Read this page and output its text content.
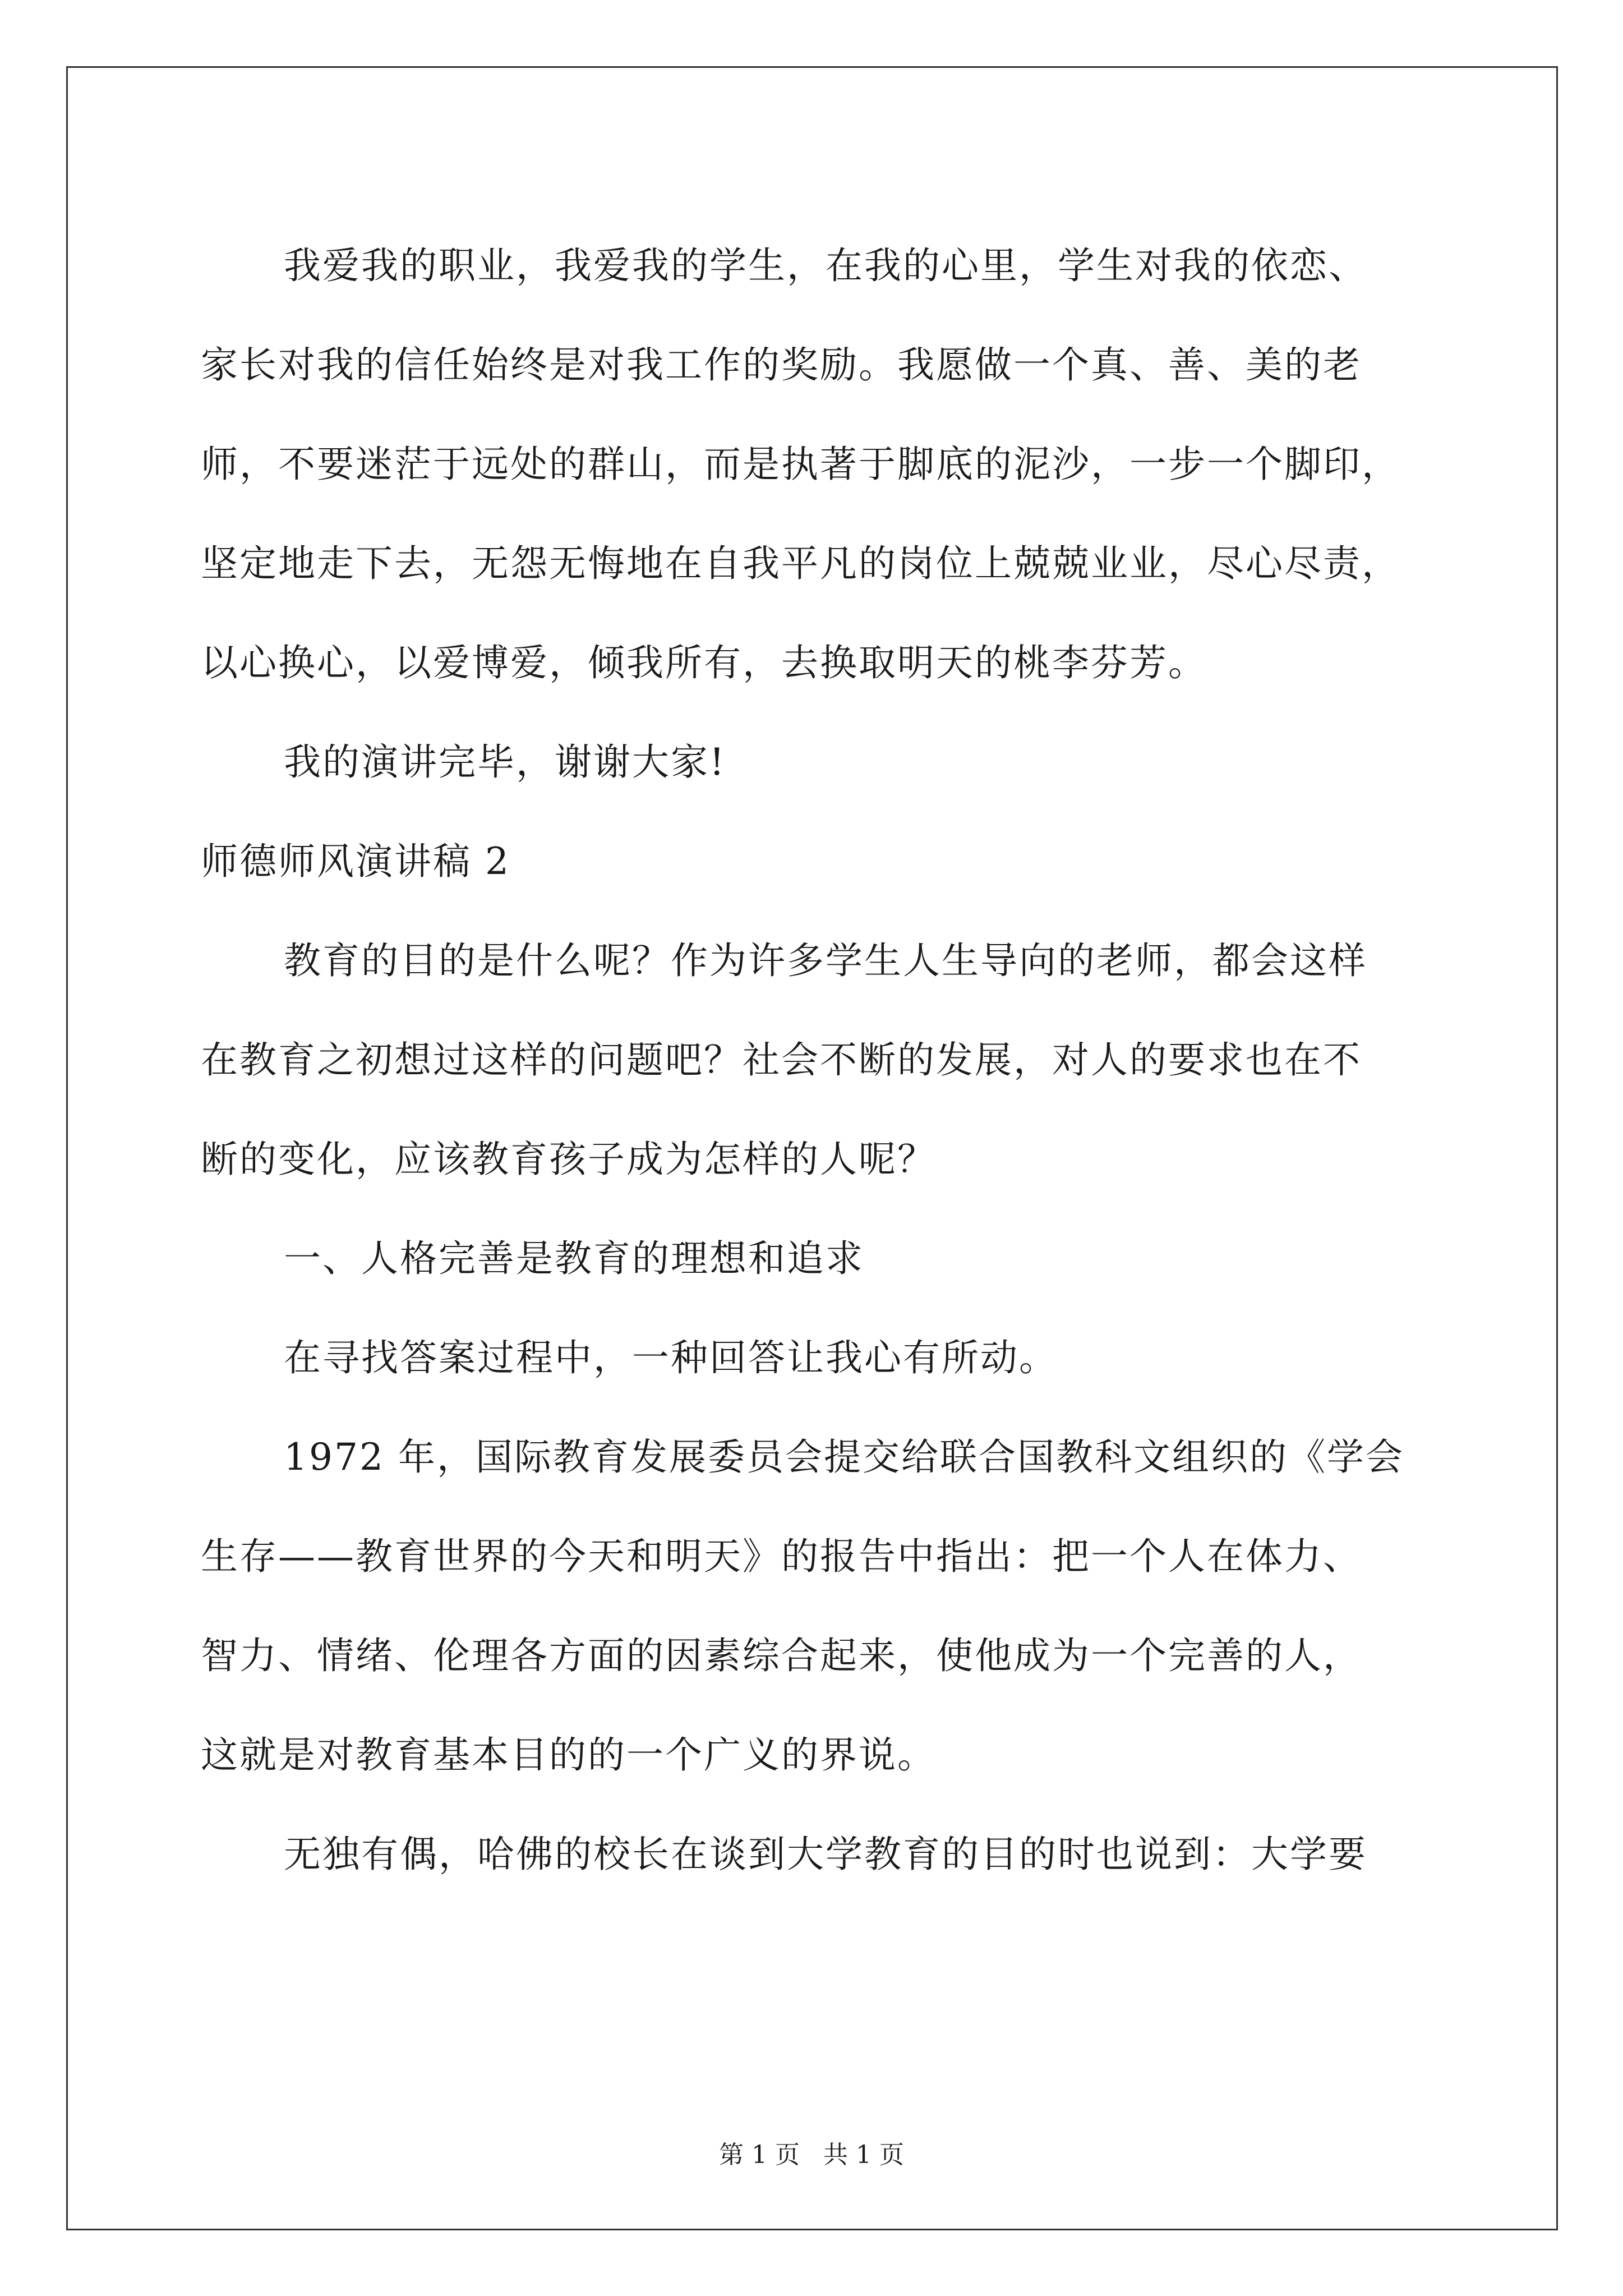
我爱我的职业，我爱我的学生，在我的心里，学生对我的依恋、
家长对我的信任始终是对我工作的奖励。我愿做一个真、善、美的老
师，不要迷茫于远处的群山，而是执著于脚底的泥沙，一步一个脚印，
坚定地走下去，无怨无悔地在自我平凡的岗位上兢兢业业，尽心尽责，
以心换心，以爱博爱，倾我所有，去换取明天的桃李芬芳。
我的演讲完毕，谢谢大家!
师德师风演讲稿 2
教育的目的是什么呢？作为许多学生人生导向的老师，都会这样
在教育之初想过这样的问题吧？社会不断的发展，对人的要求也在不
断的变化，应该教育孩子成为怎样的人呢？
一、人格完善是教育的理想和追求
在寻找答案过程中，一种回答让我心有所动。
1972 年，国际教育发展委员会提交给联合国教科文组织的《学会
生存——教育世界的今天和明天》的报告中指出：把一个人在体力、
智力、情绪、伦理各方面的因素综合起来，使他成为一个完善的人，
这就是对教育基本目的的一个广义的界说。
无独有偶，哈佛的校长在谈到大学教育的目的时也说到：大学要
第 1 页   共 1 页
